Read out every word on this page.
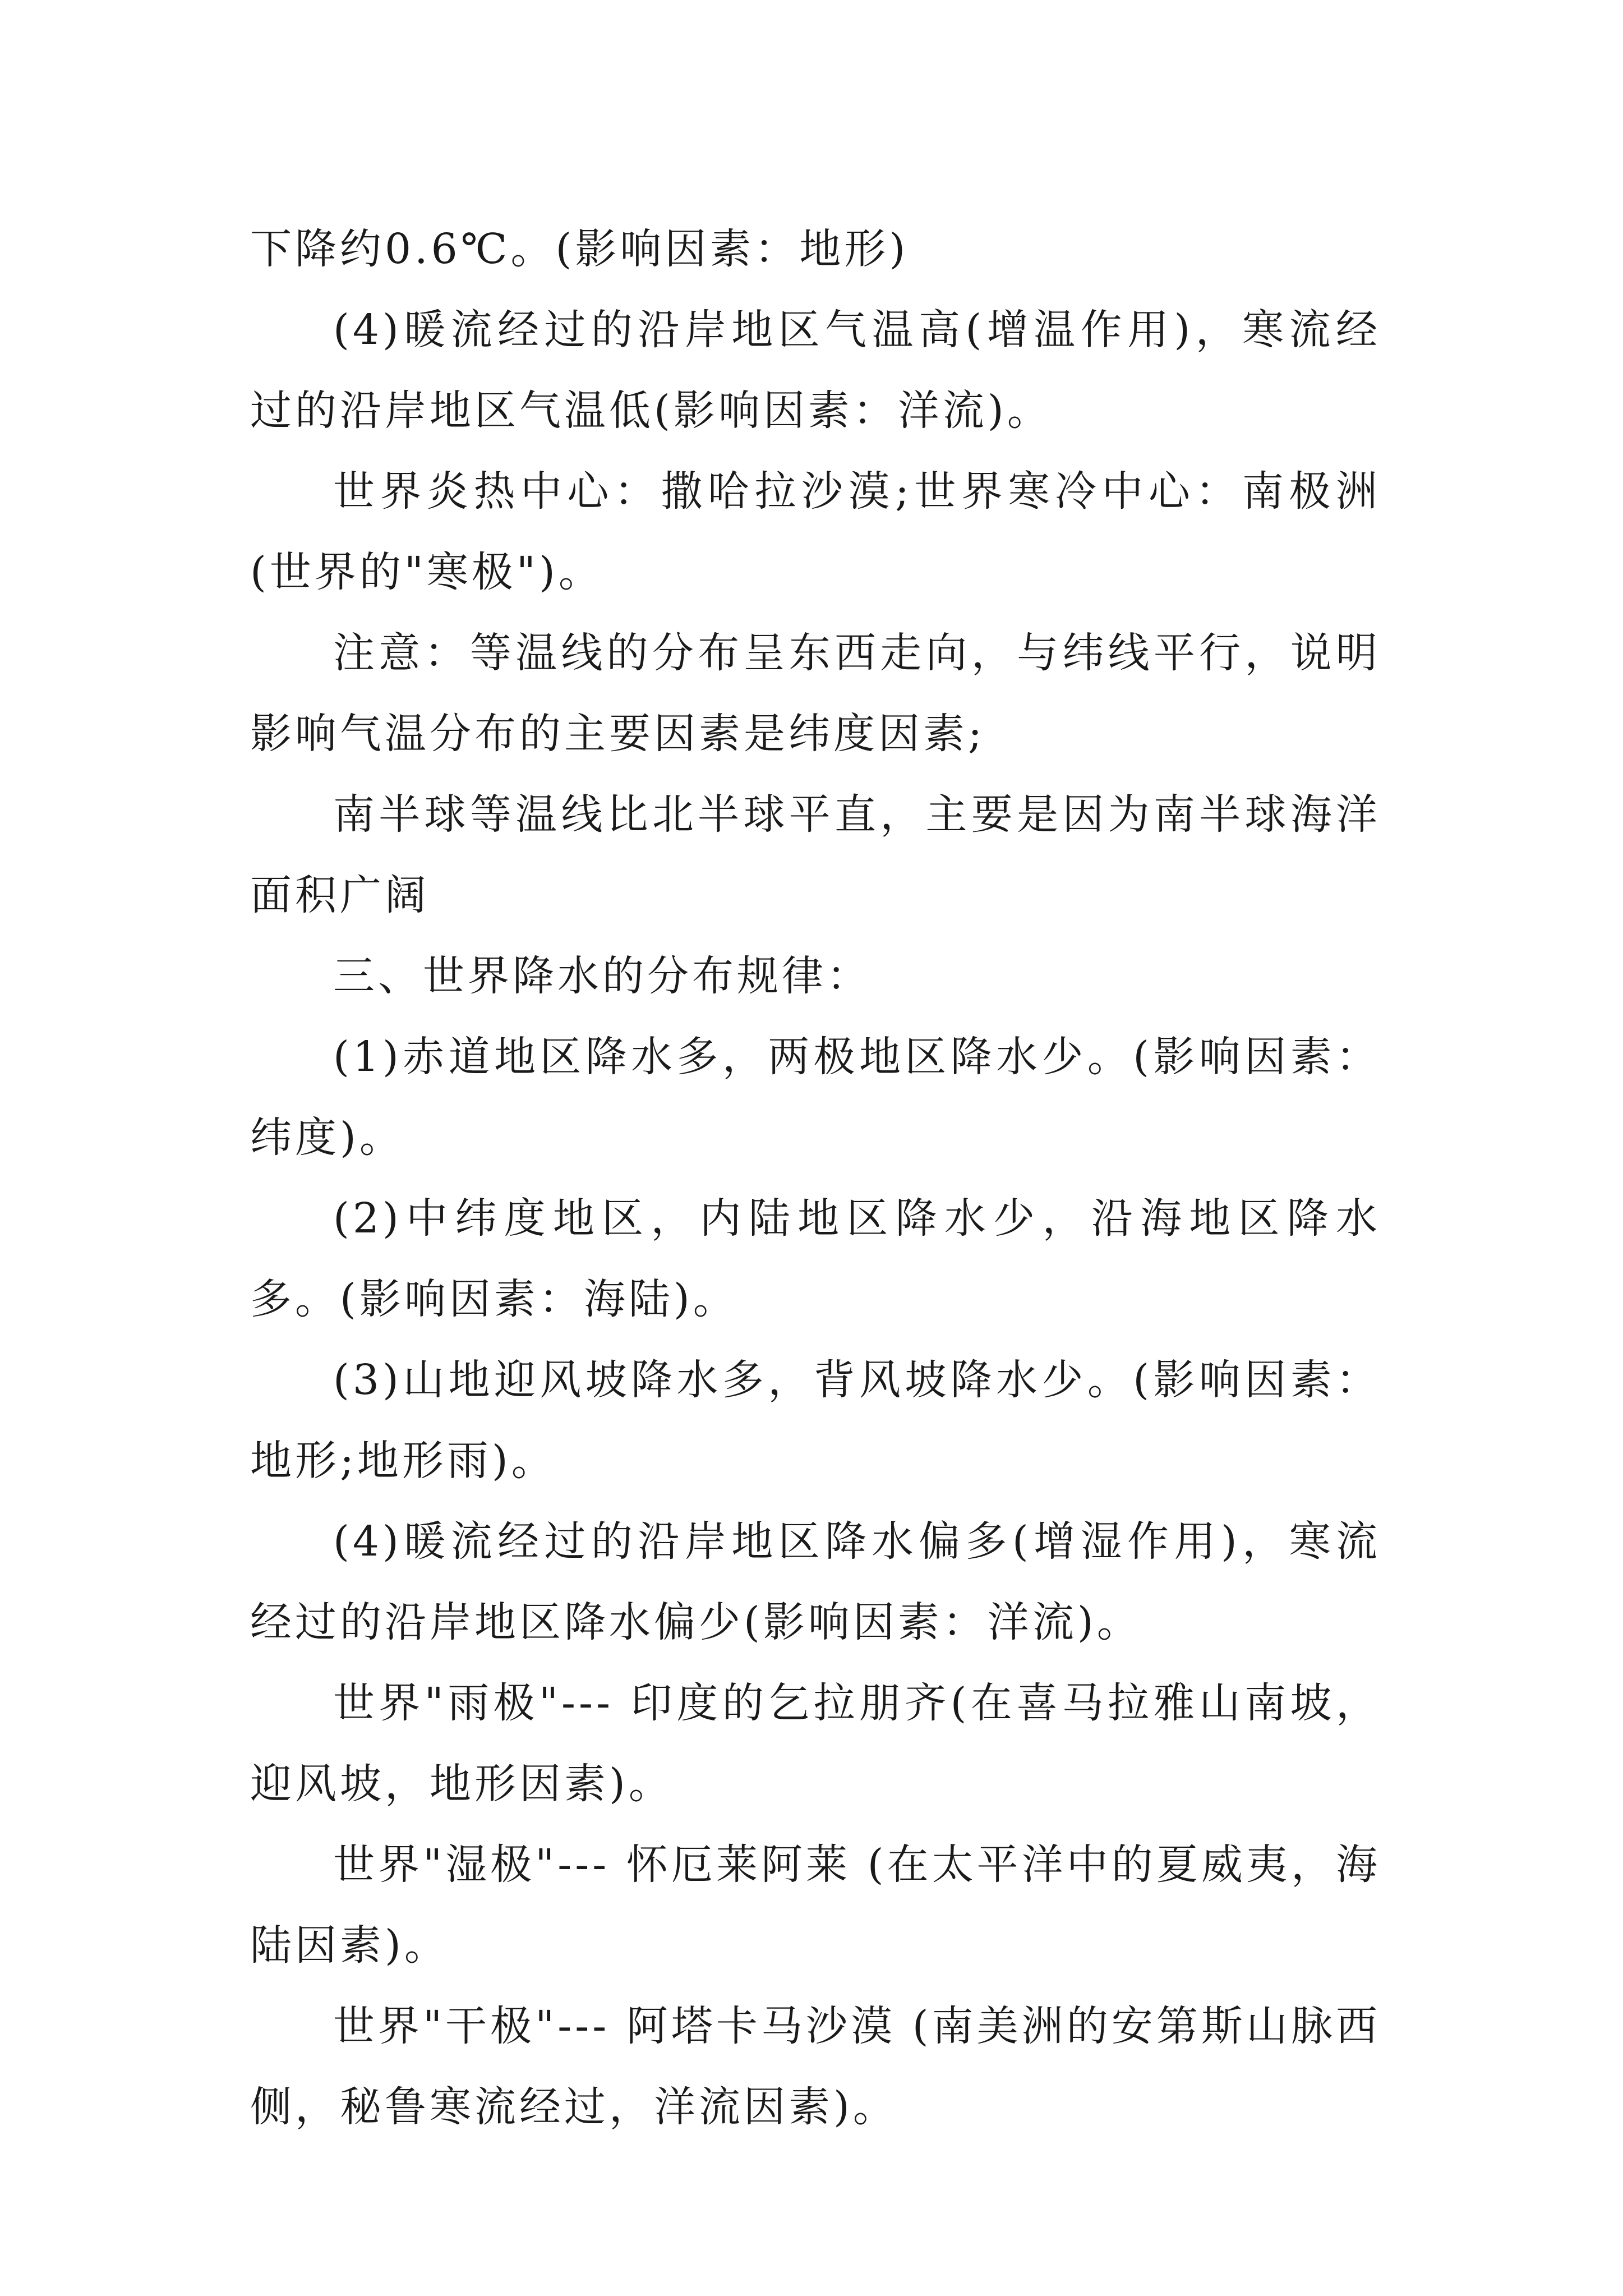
下降约0.6℃。(影响因素：地形)

(4)暖流经过的沿岸地区气温高(增温作用)，寒流经过的沿岸地区气温低(影响因素：洋流)。

世界炎热中心：撒哈拉沙漠;世界寒冷中心：南极洲(世界的"寒极")。

注意：等温线的分布呈东西走向，与纬线平行，说明影响气温分布的主要因素是纬度因素;

南半球等温线比北半球平直，主要是因为南半球海洋面积广阔

三、世界降水的分布规律：

(1)赤道地区降水多，两极地区降水少。(影响因素：纬度)。

(2)中纬度地区，内陆地区降水少，沿海地区降水多。(影响因素：海陆)。

(3)山地迎风坡降水多，背风坡降水少。(影响因素：地形;地形雨)。

(4)暖流经过的沿岸地区降水偏多(增湿作用)，寒流经过的沿岸地区降水偏少(影响因素：洋流)。

世界"雨极"--- 印度的乞拉朋齐(在喜马拉雅山南坡，迎风坡，地形因素)。

世界"湿极"--- 怀厄莱阿莱 (在太平洋中的夏威夷，海陆因素)。

世界"干极"--- 阿塔卡马沙漠 (南美洲的安第斯山脉西侧，秘鲁寒流经过，洋流因素)。
